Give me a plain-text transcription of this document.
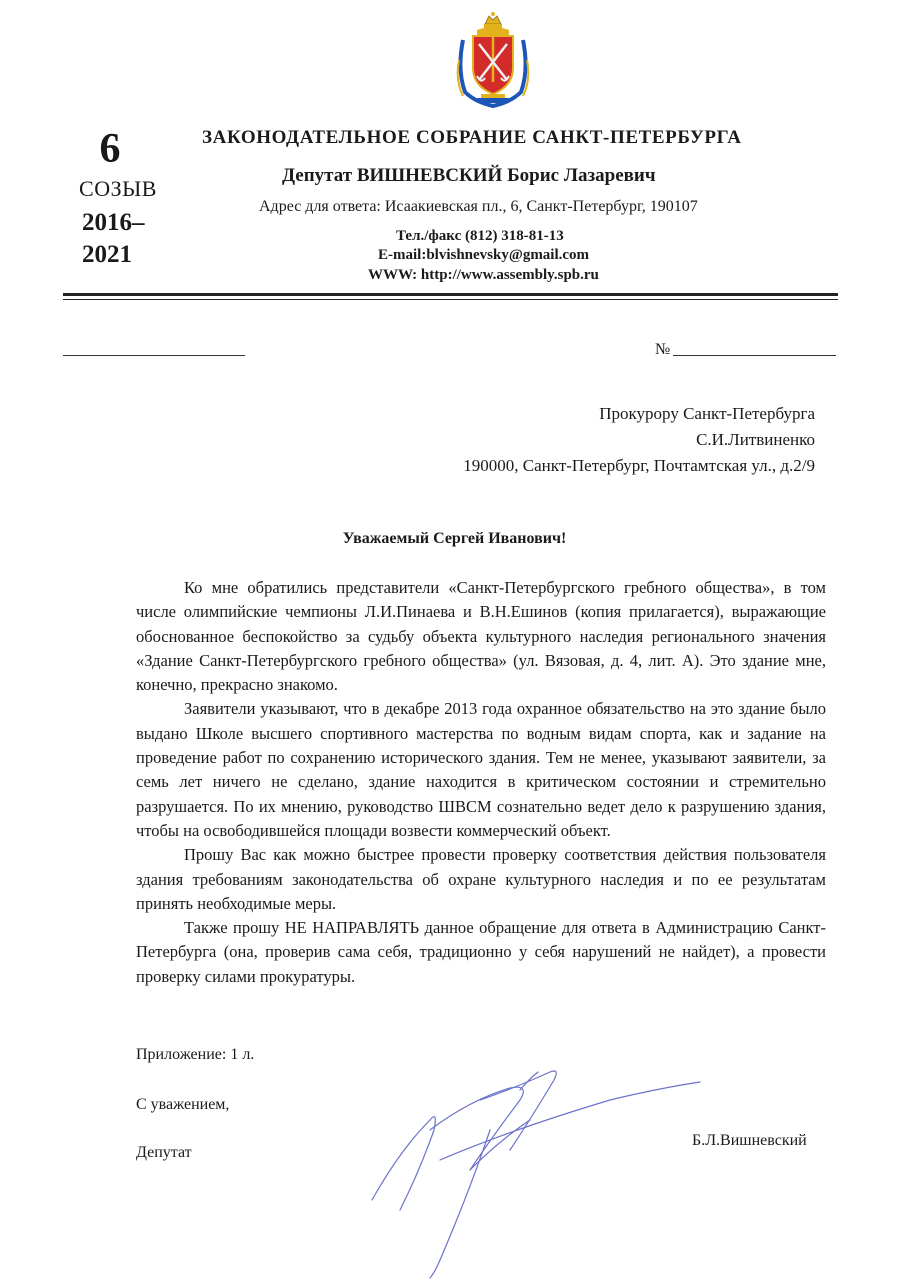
6
СОЗЫВ
2016–
2021
ЗАКОНОДАТЕЛЬНОЕ СОБРАНИЕ САНКТ-ПЕТЕРБУРГА
Депутат ВИШНЕВСКИЙ Борис Лазаревич
Адрес для ответа: Исаакиевская пл., 6, Санкт-Петербург, 190107
Тел./факс (812) 318-81-13
E-mail:blvishnevsky@gmail.com
WWW: http://www.assembly.spb.ru
№
Прокурору Санкт-Петербурга
С.И.Литвиненко
190000, Санкт-Петербург, Почтамтская ул., д.2/9
Уважаемый Сергей Иванович!

Ко мне обратились представители «Санкт-Петербургского гребного общества», в том числе олимпийские чемпионы Л.И.Пинаева и В.Н.Ешинов (копия прилагается), выражающие обоснованное беспокойство за судьбу объекта культурного наследия регионального значения «Здание Санкт-Петербургского гребного общества» (ул. Вязовая, д. 4, лит. А). Это здание мне, конечно, прекрасно знакомо.

Заявители указывают, что в декабре 2013 года охранное обязательство на это здание было выдано Школе высшего спортивного мастерства по водным видам спорта, как и задание на проведение работ по сохранению исторического здания. Тем не менее, указывают заявители, за семь лет ничего не сделано, здание находится в критическом состоянии и стремительно разрушается. По их мнению, руководство ШВСМ сознательно ведет дело к разрушению здания, чтобы на освободившейся площади возвести коммерческий объект.

Прошу Вас как можно быстрее провести проверку соответствия действия пользователя здания требованиям законодательства об охране культурного наследия и по ее результатам принять необходимые меры.

Также прошу НЕ НАПРАВЛЯТЬ данное обращение для ответа в Администрацию Санкт-Петербурга (она, проверив сама себя, традиционно у себя нарушений не найдет), а провести проверку силами прокуратуры.

Приложение: 1 л.
С уважением,
Депутат
Б.Л.Вишневский
